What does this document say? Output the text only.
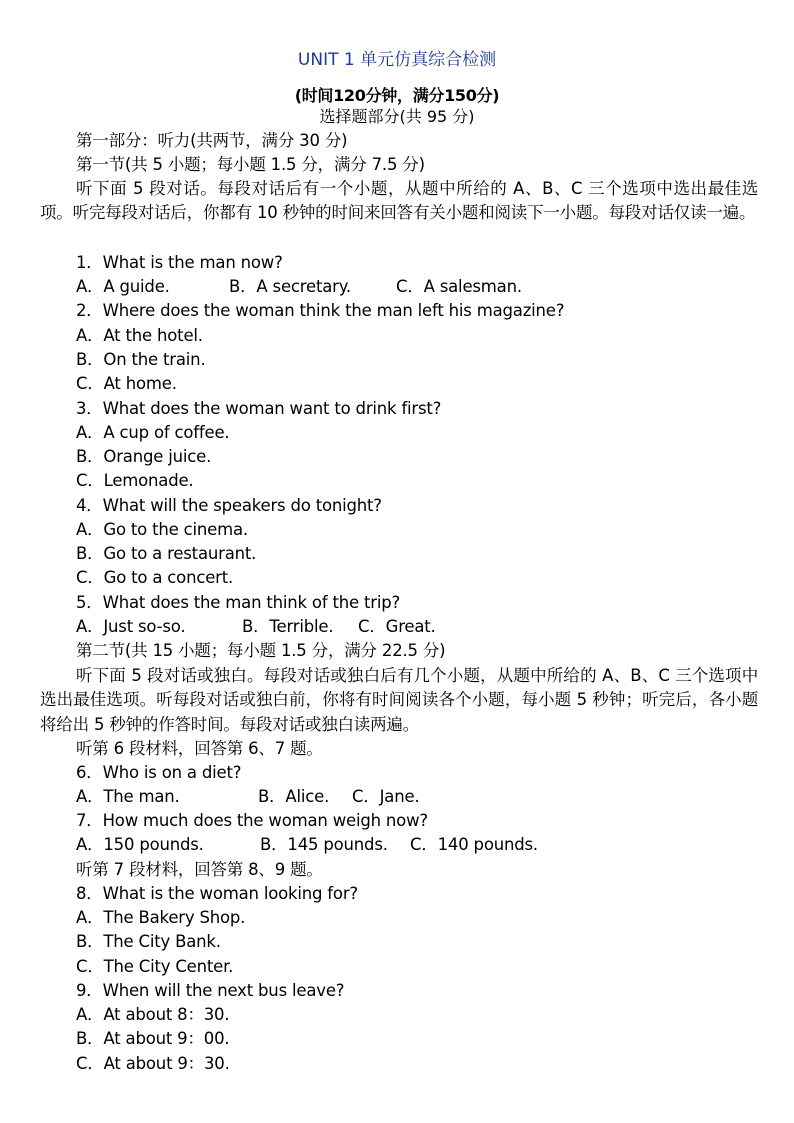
UNIT 1 单元仿真综合检测
(时间120分钟，满分150分)
选择题部分(共 95 分)
第一部分：听力(共两节，满分 30 分)
第一节(共 5 小题；每小题 1.5 分，满分 7.5 分)
听下面 5 段对话。每段对话后有一个小题，从题中所给的 A、B、C 三个选项中选出最佳选项。听完每段对话后，你都有 10 秒钟的时间来回答有关小题和阅读下一小题。每段对话仅读一遍。
1．What is the man now?

A．A guide.

	B．A secretary.

	C．A salesman.

2．Where does the woman think the man left his magazine?
A．At the hotel.
B．On the train.
C．At home.
3．What does the woman want to drink first?
A．A cup of coffee.
B．Orange juice.
C．Lemonade.
4．What will the speakers do tonight?
A．Go to the cinema.
B．Go to a restaurant.
C．Go to a concert.
5．What does the man think of the trip?

A．Just so-so.

	B．Terrible.

C．Great.

第二节(共 15 小题；每小题 1.5 分，满分 22.5 分)
听下面 5 段对话或独白。每段对话或独白后有几个小题，从题中所给的 A、B、C 三个选项中选出最佳选项。听每段对话或独白前，你将有时间阅读各个小题，每小题 5 秒钟；听完后，各小题将给出 5 秒钟的作答时间。每段对话或独白读两遍。
听第 6 段材料，回答第 6、7 题。
6．Who is on a diet?

A．The man.

	B．Alice.

C．Jane.

7．How much does the woman weigh now?

A．150 pounds.

	B．145 pounds.

C．140 pounds.

听第 7 段材料，回答第 8、9 题。
8．What is the woman looking for?
A．The Bakery Shop.
B．The City Bank.
C．The City Center.
9．When will the next bus leave?
A．At about 8：30.
B．At about 9：00.
C．At about 9：30.
